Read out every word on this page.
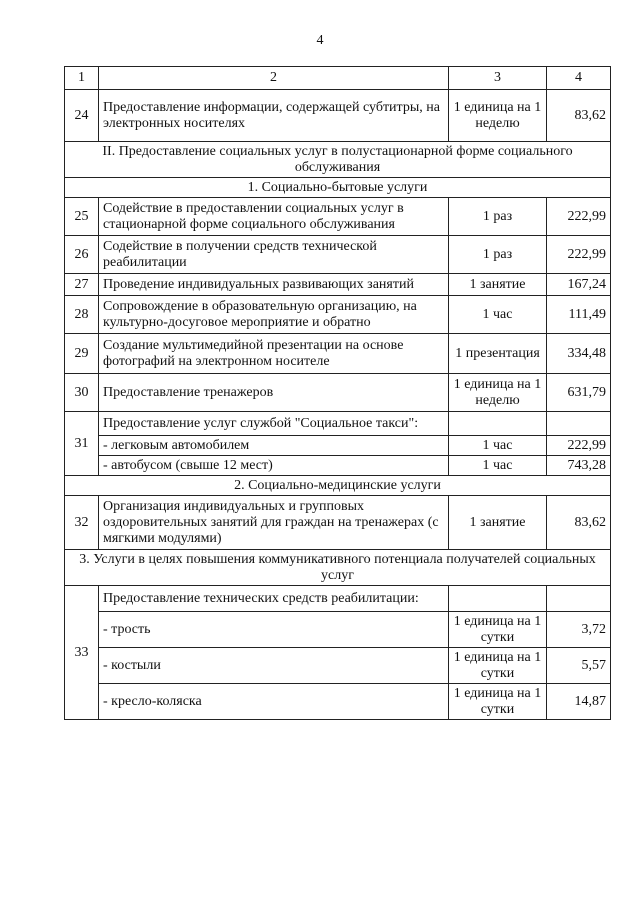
4
1	2	3	4
24	Предоставление информации, содержащей субтитры, на электронных носителях	1 единица на 1 неделю	83,62
II. Предоставление социальных услуг в полустационарной форме социального обслуживания			
1. Социально-бытовые услуги			
25	Содействие в предоставлении социальных услуг в стационарной форме социального обслуживания	1 раз	222,99
26	Содействие в получении средств технической реабилитации	1 раз	222,99
27	Проведение индивидуальных развивающих занятий	1 занятие	167,24
28	Сопровождение в образовательную организацию, на культурно-досуговое мероприятие и обратно	1 час	111,49
29	Создание мультимедийной презентации на основе фотографий на электронном носителе	1 презентация	334,48
30	Предоставление тренажеров	1 единица на 1 неделю	631,79
31	Предоставление услуг службой "Социальное такси":		
	- легковым автомобилем	1 час	222,99
	- автобусом (свыше 12 мест)	1 час	743,28
2. Социально-медицинские услуги			
32	Организация индивидуальных и групповых оздоровительных занятий для граждан на тренажерах (с мягкими модулями)	1 занятие	83,62
3. Услуги в целях повышения коммуникативного потенциала получателей социальных услуг			
33	Предоставление технических средств реабилитации:		
	- трость	1 единица на 1 сутки	3,72
	- костыли	1 единица на 1 сутки	5,57
	- кресло-коляска	1 единица на 1 сутки	14,87
